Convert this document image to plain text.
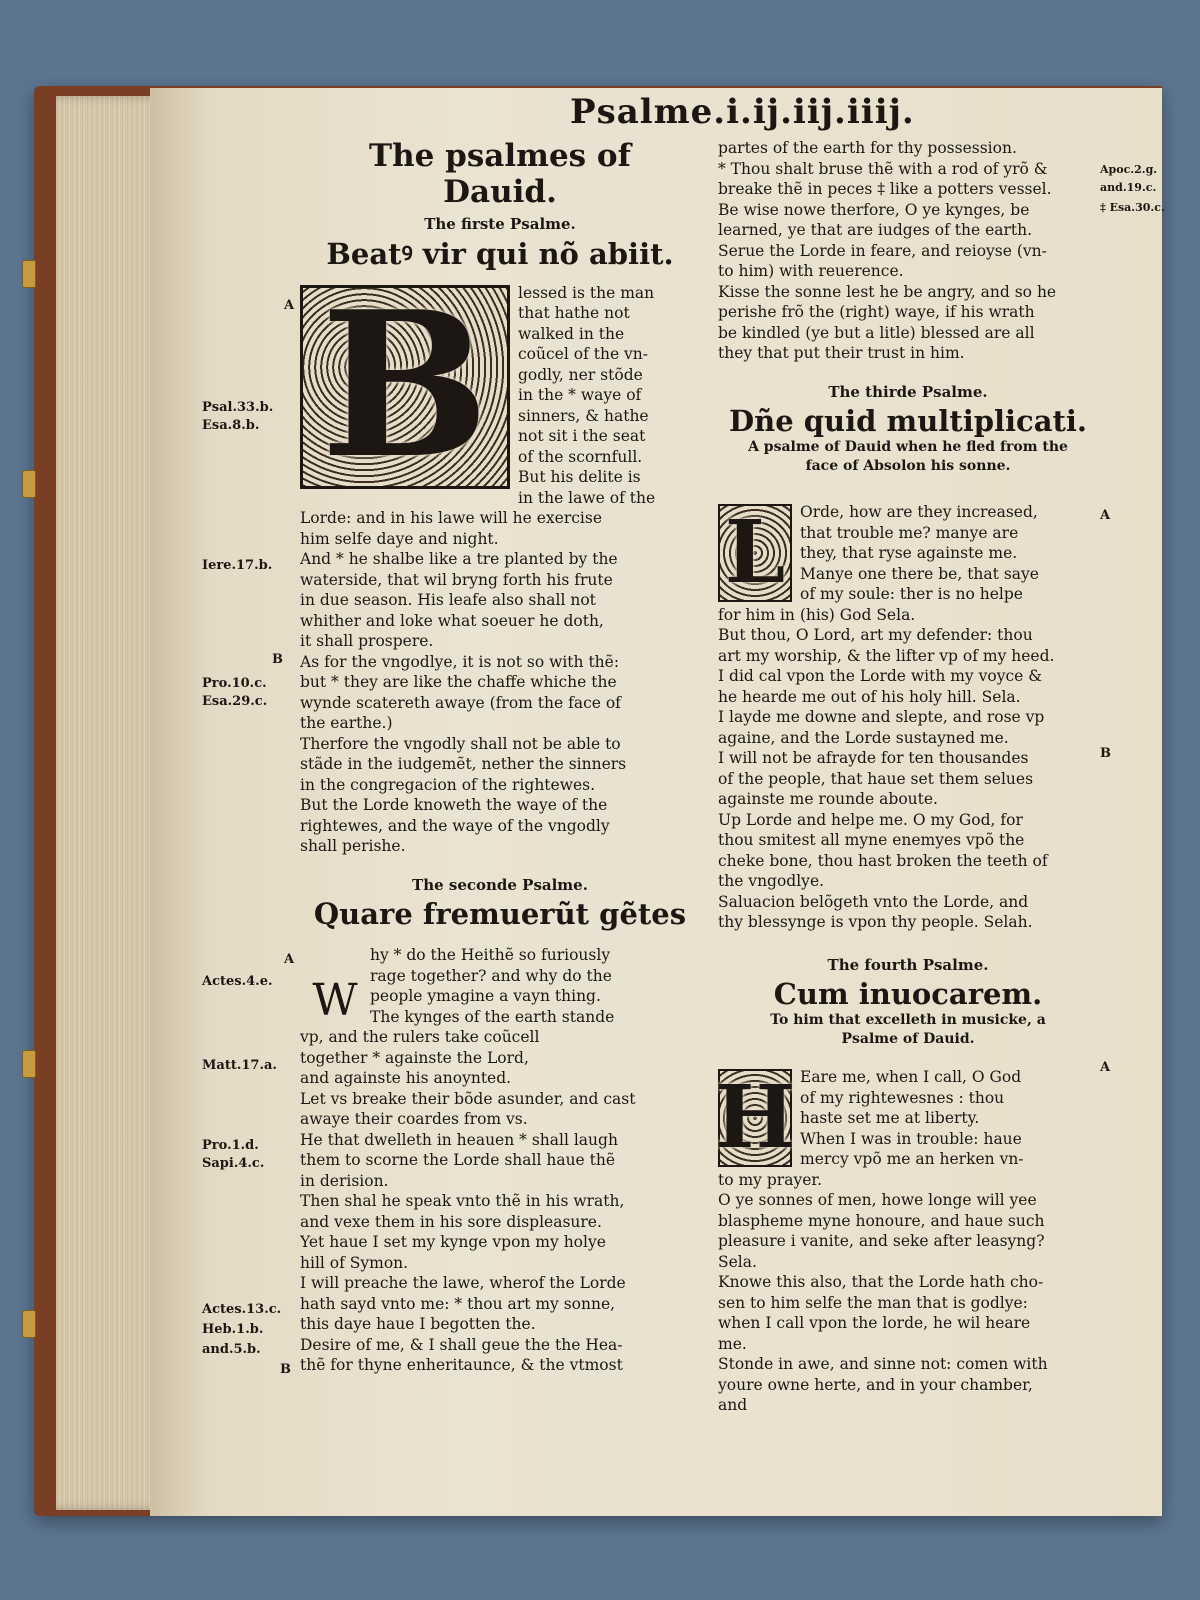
Psalme.i.ij.iij.iiij.
The psalmes of
Dauid.
The firste Psalme.
Beatꝰ vir qui nõ abiit.
B	lessed is the man
that hathe not
walked in the
coũcel of the vn-
godly, ner stõde
in the * waye of
sinners, & hathe
not sit i the seat
of the scornfull.
But his delite is
in the lawe of the
Lorde: and in his lawe will he exercise
him selfe daye and night.
And * he shalbe like a tre planted by the
waterside, that wil bryng forth his frute
in due season. His leafe also shall not
whither and loke what soeuer he doth,
it shall prospere.
As for the vngodlye, it is not so with thẽ:
but * they are like the chaffe whiche the
wynde scatereth awaye (from the face of
the earthe.)
Therfore the vngodly shall not be able to
stãde in the iudgemẽt, nether the sinners
in the congregacion of the rightewes.
But the Lorde knoweth the waye of the
rightewes, and the waye of the vngodly
shall perishe.
The seconde Psalme.
Quare fremuerũt gẽtes
W
hy * do the Heithẽ so furiously
rage together? and why do the
people ymagine a vayn thing.
The kynges of the earth stande
vp, and the rulers take coũcell
together * againste the Lord,
and againste his anoynted.
Let vs breake their bõde asunder, and cast
awaye their coardes from vs.
He that dwelleth in heauen * shall laugh
them to scorne the Lorde shall haue thẽ
in derision.
Then shal he speak vnto thẽ in his wrath,
and vexe them in his sore displeasure.
Yet haue I set my kynge vpon my holye
hill of Symon.
I will preache the lawe, wherof the Lorde
hath sayd vnto me: * thou art my sonne,
this daye haue I begotten the.
Desire of me, & I shall geue the the Hea-
thẽ for thyne enheritaunce, & the vtmost
A
Psal.33.b.
Esa.8.b.
Iere.17.b.
B
Pro.10.c.
Esa.29.c.
A
Actes.4.e.
Matt.17.a.
Pro.1.d.
Sapi.4.c.
Actes.13.c.
Heb.1.b.
and.5.b.
B
partes of the earth for thy possession.
* Thou shalt bruse thẽ with a rod of yrõ &
breake thẽ in peces ‡ like a potters vessel.
Be wise nowe therfore, O ye kynges, be
learned, ye that are iudges of the earth.
Serue the Lorde in feare, and reioyse (vn-
to him) with reuerence.
Kisse the sonne lest he be angry, and so he
perishe frõ the (right) waye, if his wrath
be kindled (ye but a litle) blessed are all
they that put their trust in him.
The thirde Psalme.
Dñe quid multiplicati.
A psalme of Dauid when he fled from the
face of Absolon his sonne.
L Orde, how are they increased,
that trouble me? manye are
they, that ryse againste me.
Manye one there be, that saye
of my soule: ther is no helpe
for him in (his) God Sela.
But thou, O Lord, art my defender: thou
art my worship, & the lifter vp of my heed.
I did cal vpon the Lorde with my voyce &
he hearde me out of his holy hill. Sela.
I layde me downe and slepte, and rose vp
againe, and the Lorde sustayned me.
I will not be afrayde for ten thousandes
of the people, that haue set them selues
againste me rounde aboute.
Up Lorde and helpe me. O my God, for
thou smitest all myne enemyes vpõ the
cheke bone, thou hast broken the teeth of
the vngodlye.
Saluacion belõgeth vnto the Lorde, and
thy blessynge is vpon thy people. Selah.
The fourth Psalme.
Cum inuocarem.
To him that excelleth in musicke, a
Psalme of Dauid.
H Eare me, when I call, O God
of my rightewesnes : thou
haste set me at liberty.
When I was in trouble: haue
mercy vpõ me an herken vn-
to my prayer.
O ye sonnes of men, howe longe will yee
blaspheme myne honoure, and haue such
pleasure i vanite, and seke after leasyng?
Sela.
Knowe this also, that the Lorde hath cho-
sen to him selfe the man that is godlye:
when I call vpon the lorde, he wil heare
me.
Stonde in awe, and sinne not: comen with
youre owne herte, and in your chamber,
and
Apoc.2.g.
and.19.c.
‡ Esa.30.c.
A
B
A
